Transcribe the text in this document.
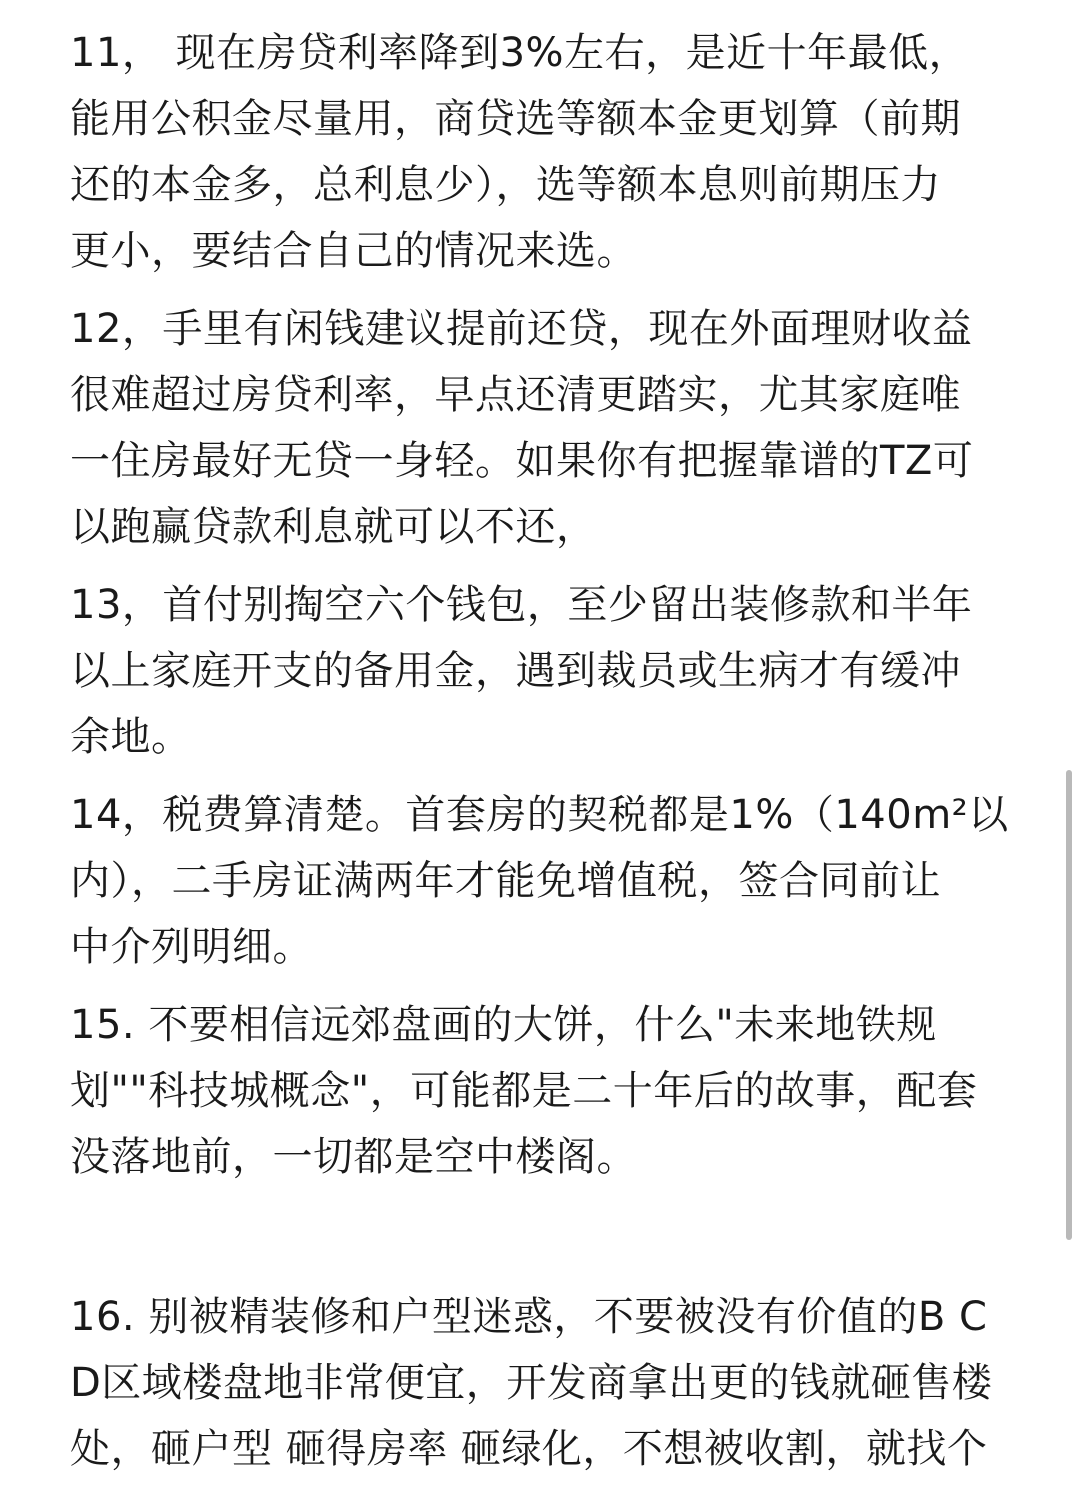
11， 现在房贷利率降到3%左右，是近十年最低，
能用公积金尽量用，商贷选等额本金更划算（前期
还的本金多，总利息少），选等额本息则前期压力
更小，要结合自己的情况来选。
12，手里有闲钱建议提前还贷，现在外面理财收益
很难超过房贷利率，早点还清更踏实，尤其家庭唯
一住房最好无贷一身轻。如果你有把握靠谱的TZ可
以跑赢贷款利息就可以不还，
13，首付别掏空六个钱包，至少留出装修款和半年
以上家庭开支的备用金，遇到裁员或生病才有缓冲
余地。
14，税费算清楚。首套房的契税都是1%（140m²以
内），二手房证满两年才能免增值税，签合同前让
中介列明细。
15. 不要相信远郊盘画的大饼，什么"未来地铁规
划""科技城概念"，可能都是二十年后的故事，配套
没落地前，一切都是空中楼阁。
16. 别被精装修和户型迷惑，不要被没有价值的B C
D区域楼盘地非常便宜，开发商拿出更的钱就砸售楼
处，砸户型 砸得房率 砸绿化，不想被收割，就找个
